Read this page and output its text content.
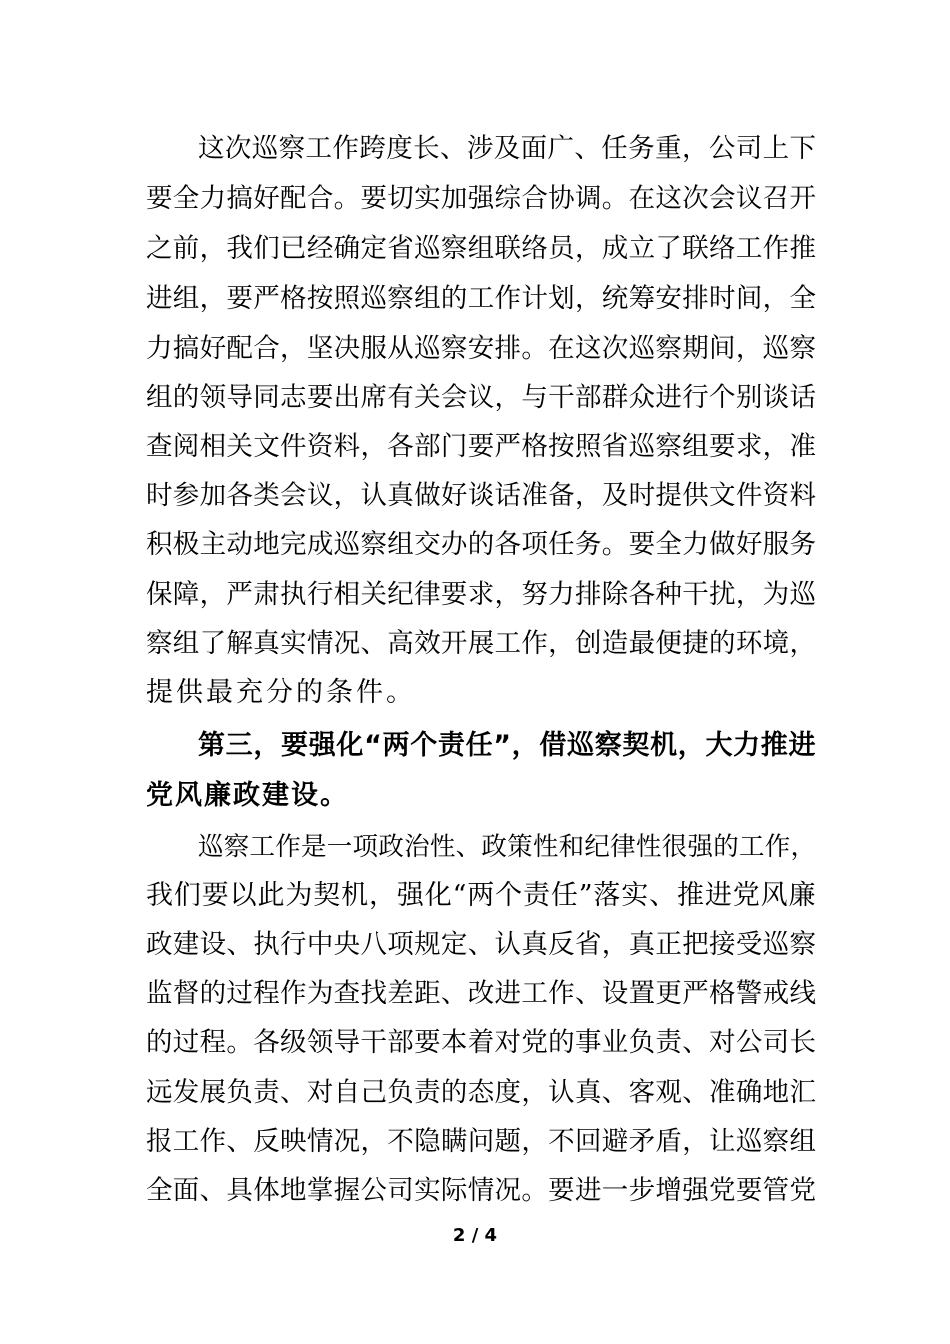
这次巡察工作跨度长、涉及面广、任务重，公司上下
要全力搞好配合。要切实加强综合协调。在这次会议召开
之前，我们已经确定省巡察组联络员，成立了联络工作推
进组，要严格按照巡察组的工作计划，统筹安排时间，全
力搞好配合，坚决服从巡察安排。在这次巡察期间，巡察
组的领导同志要出席有关会议，与干部群众进行个别谈话
查阅相关文件资料，各部门要严格按照省巡察组要求，准
时参加各类会议，认真做好谈话准备，及时提供文件资料
积极主动地完成巡察组交办的各项任务。要全力做好服务
保障，严肃执行相关纪律要求，努力排除各种干扰，为巡
察组了解真实情况、高效开展工作，创造最便捷的环境，
提供最充分的条件。
第三，要强化“两个责任”，借巡察契机，大力推进
党风廉政建设。
巡察工作是一项政治性、政策性和纪律性很强的工作，
我们要以此为契机，强化“两个责任”落实、推进党风廉
政建设、执行中央八项规定、认真反省，真正把接受巡察
监督的过程作为查找差距、改进工作、设置更严格警戒线
的过程。各级领导干部要本着对党的事业负责、对公司长
远发展负责、对自己负责的态度，认真、客观、准确地汇
报工作、反映情况，不隐瞒问题，不回避矛盾，让巡察组
全面、具体地掌握公司实际情况。要进一步增强党要管党
2 / 4
